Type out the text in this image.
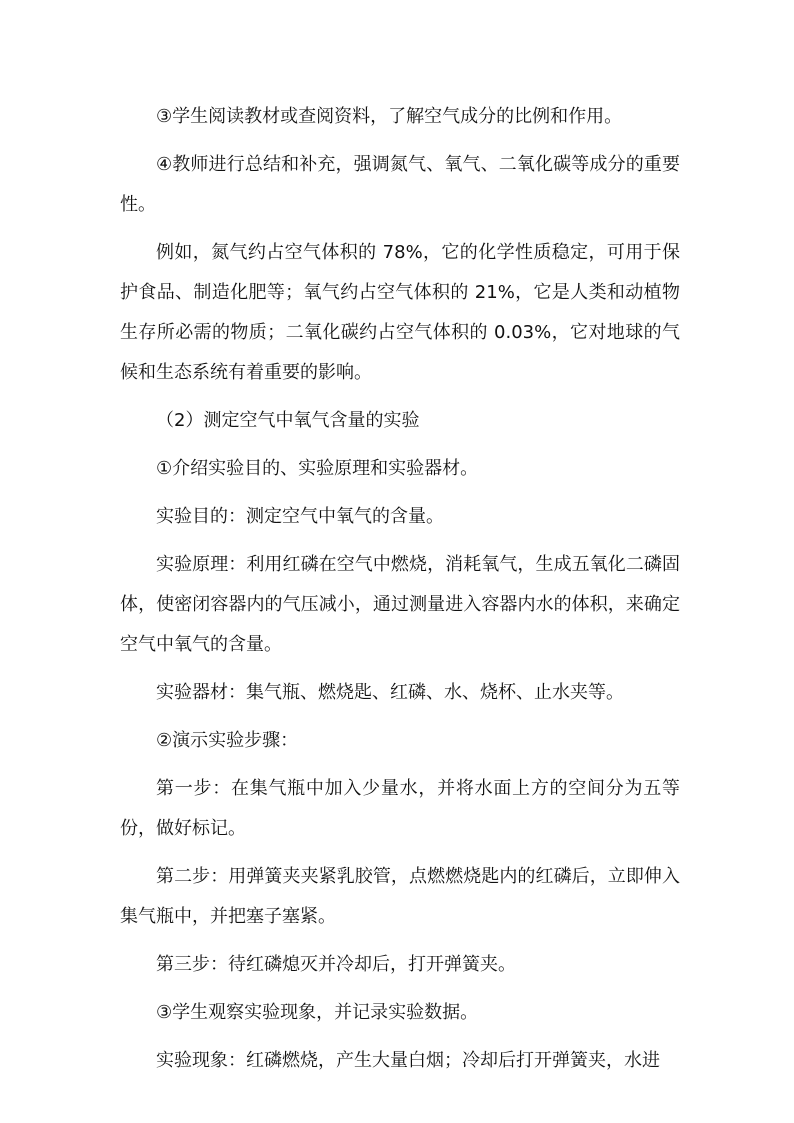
③学生阅读教材或查阅资料，了解空气成分的比例和作用。

④教师进行总结和补充，强调氮气、氧气、二氧化碳等成分的重要性。

例如，氮气约占空气体积的 78%，它的化学性质稳定，可用于保护食品、制造化肥等；氧气约占空气体积的 21%，它是人类和动植物生存所必需的物质；二氧化碳约占空气体积的 0.03%，它对地球的气候和生态系统有着重要的影响。

（2）测定空气中氧气含量的实验

①介绍实验目的、实验原理和实验器材。

实验目的：测定空气中氧气的含量。

实验原理：利用红磷在空气中燃烧，消耗氧气，生成五氧化二磷固体，使密闭容器内的气压减小，通过测量进入容器内水的体积，来确定空气中氧气的含量。

实验器材：集气瓶、燃烧匙、红磷、水、烧杯、止水夹等。

②演示实验步骤：

第一步：在集气瓶中加入少量水，并将水面上方的空间分为五等份，做好标记。

第二步：用弹簧夹夹紧乳胶管，点燃燃烧匙内的红磷后，立即伸入集气瓶中，并把塞子塞紧。

第三步：待红磷熄灭并冷却后，打开弹簧夹。

③学生观察实验现象，并记录实验数据。

实验现象：红磷燃烧，产生大量白烟；冷却后打开弹簧夹，水进
